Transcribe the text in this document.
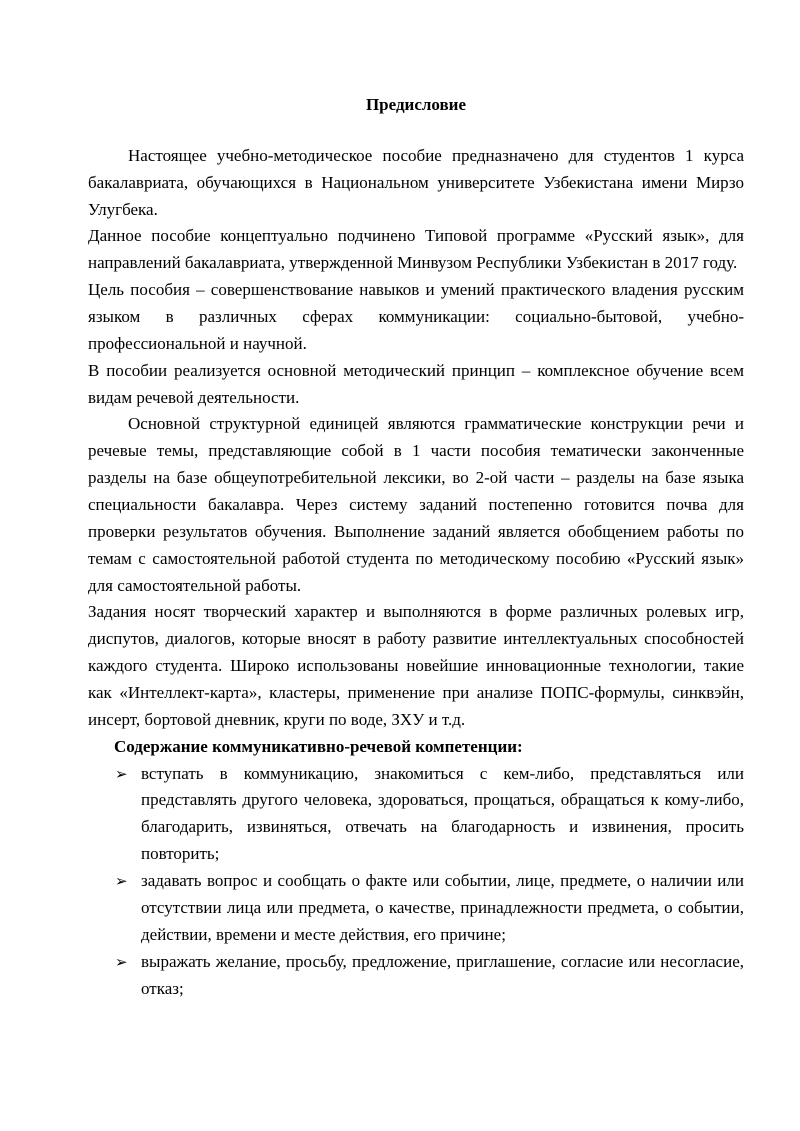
Предисловие

Настоящее учебно-методическое пособие предназначено для студентов 1 курса бакалавриата, обучающихся в Национальном университете Узбекистана имени Мирзо Улугбека.

Данное пособие концептуально подчинено Типовой программе «Русский язык», для направлений бакалавриата, утвержденной Минвузом Республики Узбекистан в 2017 году.

Цель пособия – совершенствование навыков и умений практического владения русским языком в различных сферах коммуникации: социально-бытовой, учебно-профессиональной и научной.

В пособии реализуется основной методический принцип – комплексное обучение всем видам речевой деятельности.

Основной структурной единицей являются грамматические конструкции речи и речевые темы, представляющие собой в 1 части пособия тематически законченные разделы на базе общеупотребительной лексики, во 2-ой части – разделы на базе языка специальности бакалавра. Через систему заданий постепенно готовится почва для проверки результатов обучения. Выполнение заданий является обобщением работы по темам с самостоятельной работой студента по методическому пособию «Русский язык» для самостоятельной работы.

Задания носят творческий характер и выполняются в форме различных ролевых игр, диспутов, диалогов, которые вносят в работу развитие интеллектуальных способностей каждого студента. Широко использованы новейшие инновационные технологии, такие как «Интеллект-карта», кластеры, применение при анализе ПОПС-формулы, синквэйн, инсерт, бортовой дневник, круги по воде, ЗХУ и т.д.

Содержание коммуникативно-речевой компетенции:

➢ вступать в коммуникацию, знакомиться с кем-либо, представляться или представлять другого человека, здороваться, прощаться, обращаться к кому-либо, благодарить, извиняться, отвечать на благодарность и извинения, просить повторить;
➢ задавать вопрос и сообщать о факте или событии, лице, предмете, о наличии или отсутствии лица или предмета, о качестве, принадлежности предмета, о событии, действии, времени и месте действия, его причине;
➢ выражать желание, просьбу, предложение, приглашение, согласие или несогласие, отказ;
